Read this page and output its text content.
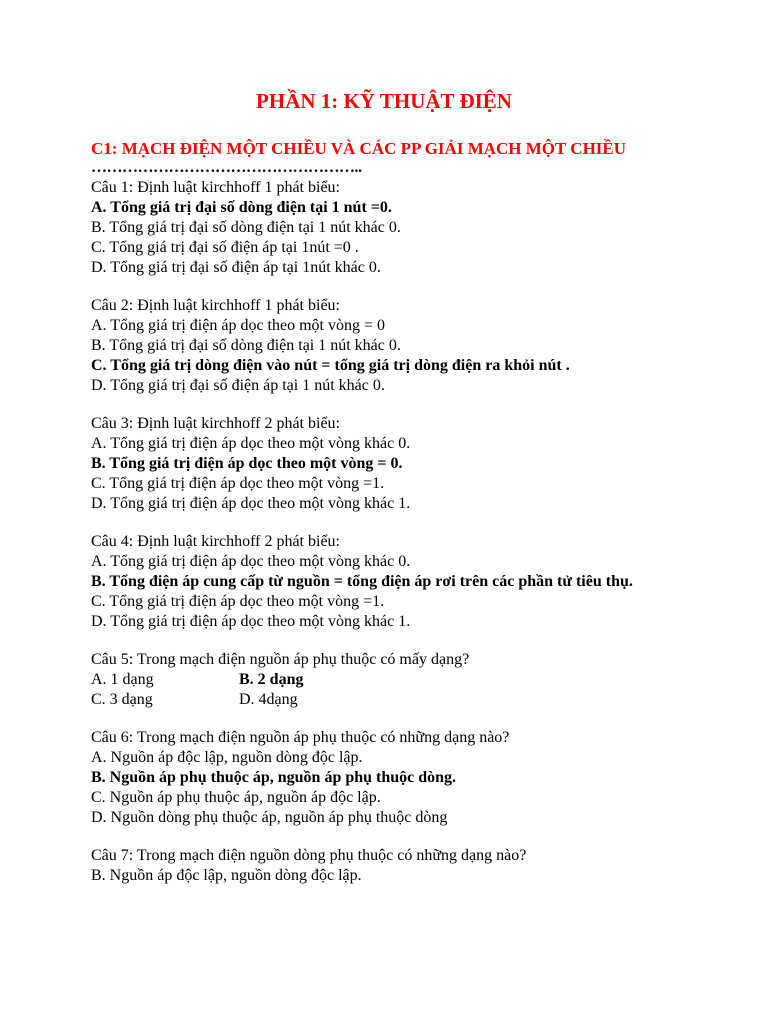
PHẦN 1: KỸ THUẬT ĐIỆN
C1: MẠCH ĐIỆN MỘT CHIỀU VÀ CÁC PP GIẢI MẠCH MỘT CHIỀU
……………………………………………..
Câu 1: Định luật kirchhoff 1 phát biểu:
A. Tổng giá trị đại số dòng điện tại 1 nút =0.
B. Tổng giá trị đại số dòng điện tại 1 nút khác 0.
C. Tổng giá trị đại số điện áp tại 1nút =0 .
D. Tổng giá trị đại số điện áp tại 1nút khác 0.
Câu 2: Định luật kirchhoff 1 phát biểu:
A. Tổng giá trị điện áp dọc theo một vòng = 0
B. Tổng giá trị đại số dòng điện tại 1 nút khác 0.
C. Tổng giá trị dòng điện vào nút = tổng giá trị dòng điện ra khỏi nút .
D. Tổng giá trị đại số điện áp tại 1 nút khác 0.
Câu 3: Định luật kirchhoff 2 phát biểu:
A. Tổng giá trị điện áp dọc theo một vòng khác 0.
B. Tổng giá trị điện áp dọc theo một vòng = 0.
C. Tổng giá trị điện áp dọc theo một vòng =1.
D. Tổng giá trị điện áp dọc theo một vòng khác 1.
Câu 4: Định luật kirchhoff 2 phát biểu:
A. Tổng giá trị điện áp dọc theo một vòng khác 0.
B. Tổng điện áp cung cấp từ nguồn = tổng điện áp rơi trên các phần tử tiêu thụ.
C. Tổng giá trị điện áp dọc theo một vòng =1.
D. Tổng giá trị điện áp dọc theo một vòng khác 1.
Câu 5: Trong mạch điện nguồn áp phụ thuộc có mấy dạng?
A. 1 dạng	B. 2 dạng
C. 3 dạng	D. 4dạng
Câu 6: Trong mạch điện nguồn áp phụ thuộc có những dạng nào?
A. Nguồn áp độc lập, nguồn dòng độc lập.
B. Nguồn áp phụ thuộc áp, nguồn áp phụ thuộc dòng.
C. Nguồn áp phụ thuộc áp, nguồn áp độc lập.
D. Nguồn dòng phụ thuộc áp, nguồn áp phụ thuộc dòng
Câu 7: Trong mạch điện nguồn dòng phụ thuộc có những dạng nào?
B. Nguồn áp độc lập, nguồn dòng độc lập.
